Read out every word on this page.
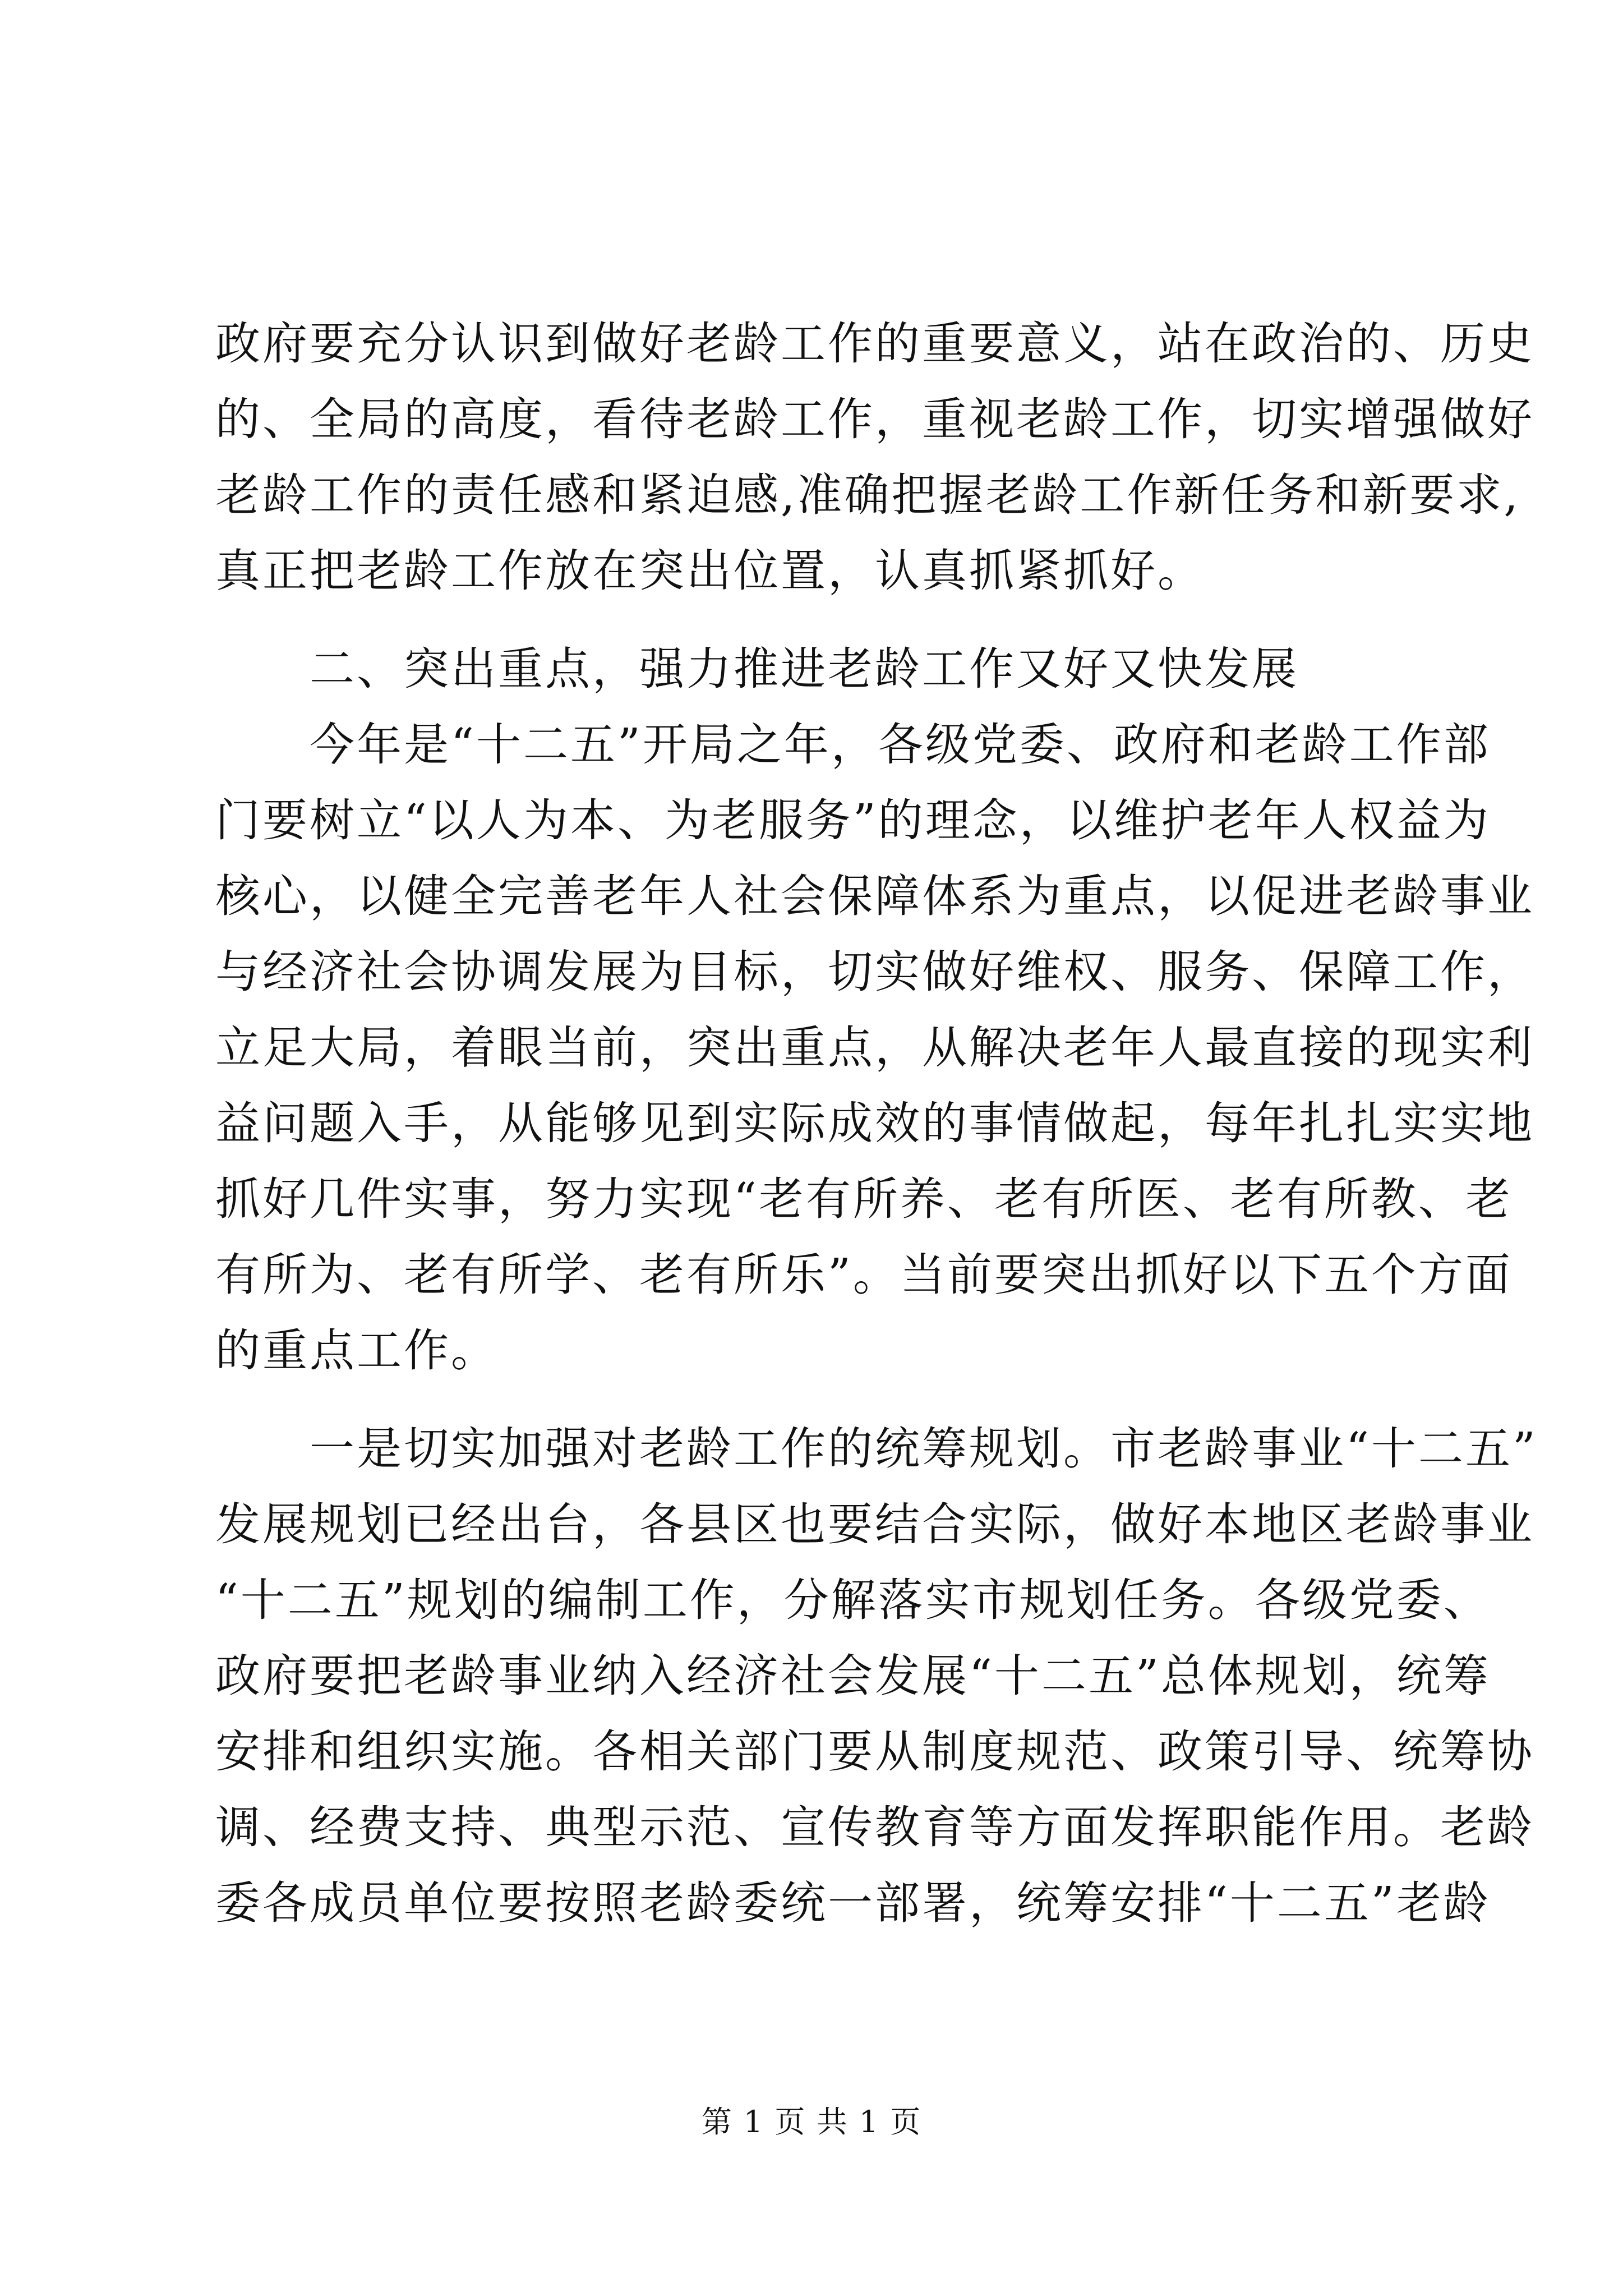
政府要充分认识到做好老龄工作的重要意义，站在政治的、历史
的、全局的高度，看待老龄工作，重视老龄工作，切实增强做好
老龄工作的责任感和紧迫感,准确把握老龄工作新任务和新要求,
真正把老龄工作放在突出位置，认真抓紧抓好。
　　二、突出重点，强力推进老龄工作又好又快发展
　　今年是“十二五”开局之年，各级党委、政府和老龄工作部
门要树立“以人为本、为老服务”的理念，以维护老年人权益为
核心，以健全完善老年人社会保障体系为重点，以促进老龄事业
与经济社会协调发展为目标，切实做好维权、服务、保障工作，
立足大局，着眼当前，突出重点，从解决老年人最直接的现实利
益问题入手，从能够见到实际成效的事情做起，每年扎扎实实地
抓好几件实事，努力实现“老有所养、老有所医、老有所教、老
有所为、老有所学、老有所乐”。当前要突出抓好以下五个方面
的重点工作。
　　一是切实加强对老龄工作的统筹规划。市老龄事业“十二五”
发展规划已经出台，各县区也要结合实际，做好本地区老龄事业
“十二五”规划的编制工作，分解落实市规划任务。各级党委、
政府要把老龄事业纳入经济社会发展“十二五”总体规划，统筹
安排和组织实施。各相关部门要从制度规范、政策引导、统筹协
调、经费支持、典型示范、宣传教育等方面发挥职能作用。老龄
委各成员单位要按照老龄委统一部署，统筹安排“十二五”老龄
第 1 页 共 1 页
